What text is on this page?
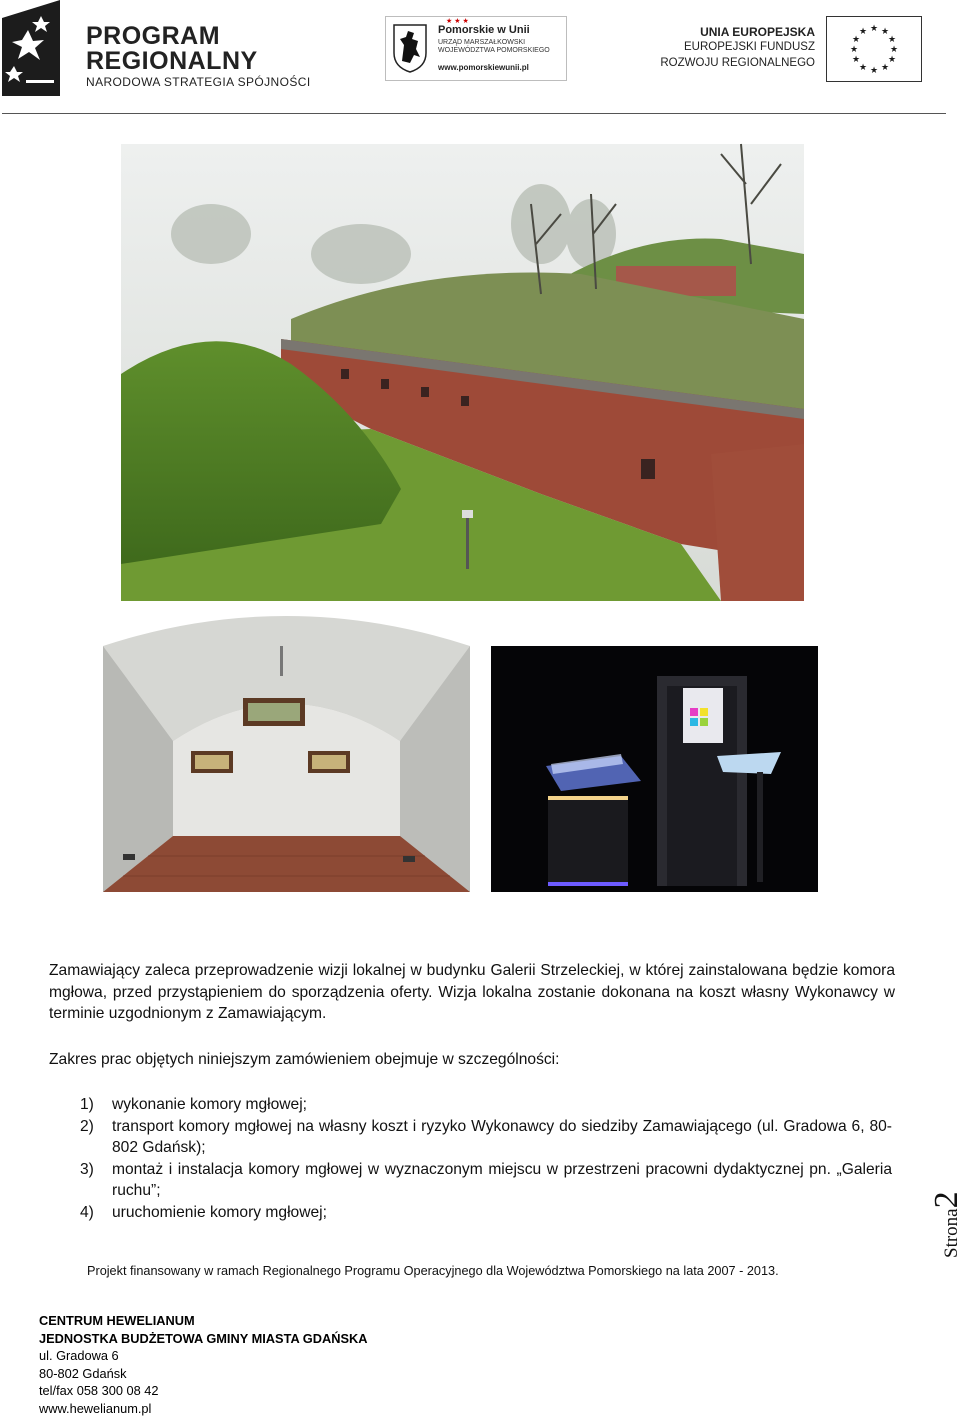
PROGRAM
REGIONALNY
NARODOWA STRATEGIA SPÓJNOŚCI
★★★
Pomorskie w Unii
URZĄD MARSZAŁKOWSKI
WOJEWÓDZTWA POMORSKIEGO
www.pomorskiewunii.pl
UNIA EUROPEJSKA
EUROPEJSKI FUNDUSZ
ROZWOJU REGIONALNEGO
★ ★
★
★
★
★
★
★
★
★
★
★

Zamawiający zaleca przeprowadzenie wizji lokalnej w budynku Galerii Strzeleckiej, w której zainstalowana będzie komora mgłowa, przed przystąpieniem do sporządzenia oferty. Wizja lokalna zostanie dokonana na koszt własny Wykonawcy w terminie uzgodnionym z Zamawiającym.

Zakres prac objętych niniejszym zamówieniem obejmuje w szczególności:

1) wykonanie komory mgłowej;
2) transport komory mgłowej na własny koszt i ryzyko Wykonawcy do siedziby Zamawiającego (ul. Gradowa 6, 80-802 Gdańsk);
3) montaż i instalacja komory mgłowej w wyznaczonym miejscu w przestrzeni pracowni dydaktycznej pn. „Galeria ruchu”;
4) uruchomienie komory mgłowej;	Strona2
Projekt finansowany w ramach Regionalnego Programu Operacyjnego dla Województwa Pomorskiego na lata 2007 - 2013.
CENTRUM HEWELIANUM
JEDNOSTKA BUDŻETOWA GMINY MIASTA GDAŃSKA
ul. Gradowa 6
80-802 Gdańsk
tel/fax 058 300 08 42
www.hewelianum.pl
